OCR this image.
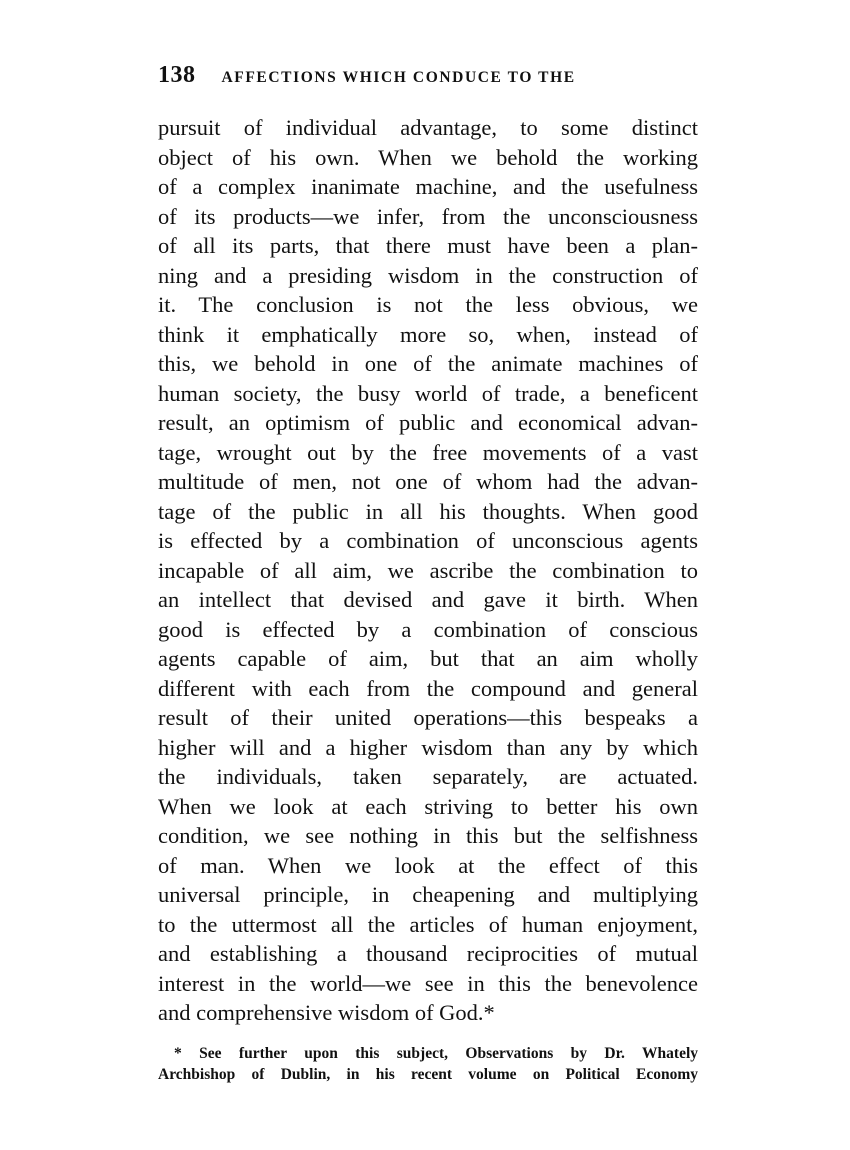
138 AFFECTIONS WHICH CONDUCE TO THE
pursuit of individual advantage, to some distinct
object of his own. When we behold the working
of a complex inanimate machine, and the usefulness
of its products—we infer, from the unconsciousness
of all its parts, that there must have been a plan-
ning and a presiding wisdom in the construction of
it. The conclusion is not the less obvious, we
think it emphatically more so, when, instead of
this, we behold in one of the animate machines of
human society, the busy world of trade, a beneficent
result, an optimism of public and economical advan-
tage, wrought out by the free movements of a vast
multitude of men, not one of whom had the advan-
tage of the public in all his thoughts. When good
is effected by a combination of unconscious agents
incapable of all aim, we ascribe the combination to
an intellect that devised and gave it birth. When
good is effected by a combination of conscious
agents capable of aim, but that an aim wholly
different with each from the compound and general
result of their united operations—this bespeaks a
higher will and a higher wisdom than any by which
the individuals, taken separately, are actuated.
When we look at each striving to better his own
condition, we see nothing in this but the selfishness
of man. When we look at the effect of this
universal principle, in cheapening and multiplying
to the uttermost all the articles of human enjoyment,
and establishing a thousand reciprocities of mutual
interest in the world—we see in this the benevolence
and comprehensive wisdom of God.*
* See further upon this subject, Observations by Dr. Whately
Archbishop of Dublin, in his recent volume on Political Economy
